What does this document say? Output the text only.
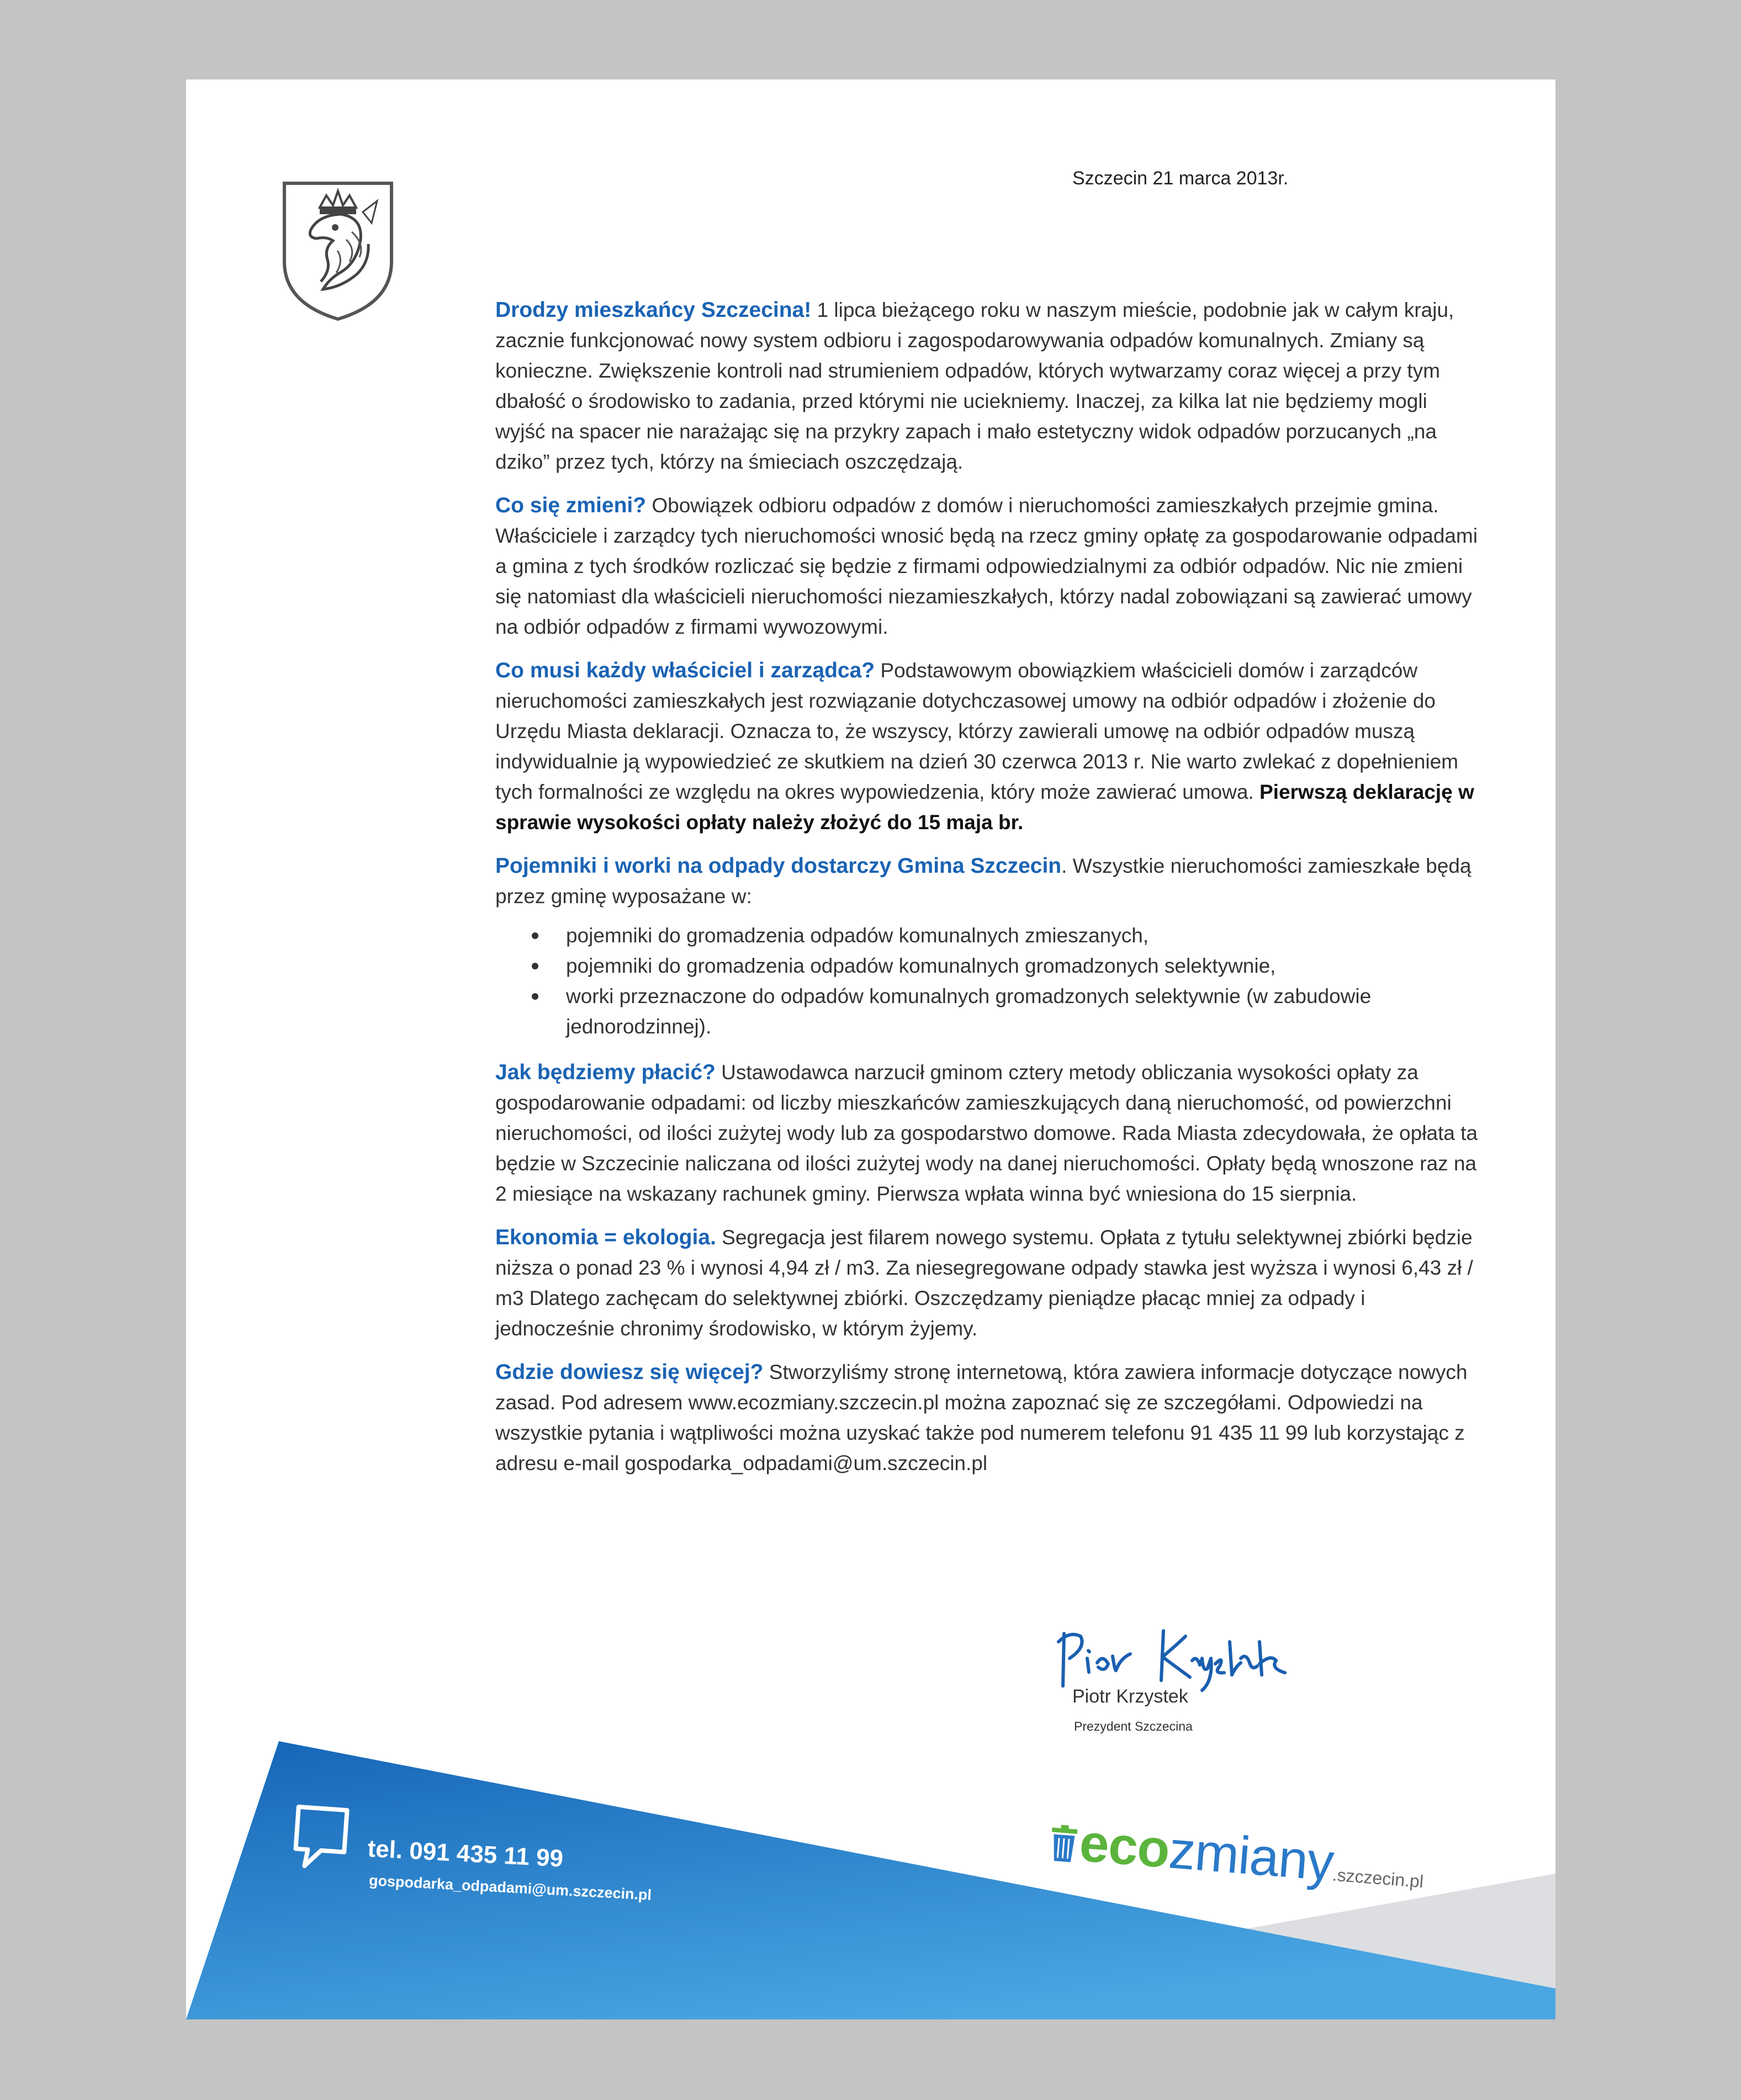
Szczecin 21 marca 2013r.

Drodzy mieszkańcy Szczecina! 1 lipca bieżącego roku w naszym mieście, podobnie jak w całym kraju, zacznie funkcjonować nowy system odbioru i zagospodarowywania odpadów komunalnych. Zmiany są konieczne. Zwiększenie kontroli nad strumieniem odpadów, których wytwarzamy coraz więcej a przy tym dbałość o środowisko to zadania, przed którymi nie uciekniemy. Inaczej, za kilka lat nie będziemy mogli wyjść na spacer nie narażając się na przykry zapach i mało estetyczny widok odpadów porzucanych „na dziko” przez tych, którzy na śmieciach oszczędzają.

Co się zmieni? Obowiązek odbioru odpadów z domów i nieruchomości zamieszkałych przejmie gmina. Właściciele i zarządcy tych nieruchomości wnosić będą na rzecz gminy opłatę za gospodarowanie odpadami a gmina z tych środków rozliczać się będzie z firmami odpowiedzialnymi za odbiór odpadów. Nic nie zmieni się natomiast dla właścicieli nieruchomości niezamieszkałych, którzy nadal zobowiązani są zawierać umowy na odbiór odpadów z firmami wywozowymi.

Co musi każdy właściciel i zarządca? Podstawowym obowiązkiem właścicieli domów i zarządców nieruchomości zamieszkałych jest rozwiązanie dotychczasowej umowy na odbiór odpadów i złożenie do Urzędu Miasta deklaracji. Oznacza to, że wszyscy, którzy zawierali umowę na odbiór odpadów muszą indywidualnie ją wypowiedzieć ze skutkiem na dzień 30 czerwca 2013 r. Nie warto zwlekać z dopełnieniem tych formalności ze względu na okres wypowiedzenia, który może zawierać umowa. Pierwszą deklarację w sprawie wysokości opłaty należy złożyć do 15 maja br.

Pojemniki i worki na odpady dostarczy Gmina Szczecin. Wszystkie nieruchomości zamieszkałe będą przez gminę wyposażane w:

pojemniki do gromadzenia odpadów komunalnych zmieszanych,
pojemniki do gromadzenia odpadów komunalnych gromadzonych selektywnie,
worki przeznaczone do odpadów komunalnych gromadzonych selektywnie (w zabudowie jednorodzinnej).

Jak będziemy płacić? Ustawodawca narzucił gminom cztery metody obliczania wysokości opłaty za gospodarowanie odpadami: od liczby mieszkańców zamieszkujących daną nieruchomość, od powierzchni nieruchomości, od ilości zużytej wody lub za gospodarstwo domowe. Rada Miasta zdecydowała, że opłata ta będzie w Szczecinie naliczana od ilości zużytej wody na danej nieruchomości. Opłaty będą wnoszone raz na 2 miesiące na wskazany rachunek gminy. Pierwsza wpłata winna być wniesiona do 15 sierpnia.

Ekonomia = ekologia. Segregacja jest filarem nowego systemu. Opłata z tytułu selektywnej zbiórki będzie niższa o ponad 23 % i wynosi 4,94 zł / m3. Za niesegregowane odpady stawka jest wyższa i wynosi 6,43 zł / m3 Dlatego zachęcam do selektywnej zbiórki. Oszczędzamy pieniądze płacąc mniej za odpady i jednocześnie chronimy środowisko, w którym żyjemy.

Gdzie dowiesz się więcej? Stworzyliśmy stronę internetową, która zawiera informacje dotyczące nowych zasad. Pod adresem www.ecozmiany.szczecin.pl można zapoznać się ze szczegółami. Odpowiedzi na wszystkie pytania i wątpliwości można uzyskać także pod numerem telefonu 91 435 11 99 lub korzystając z adresu e-mail gospodarka_odpadami@um.szczecin.pl

Piotr Krzystek
Prezydent Szczecina
tel. 091 435 11 99
gospodarka_odpadami@um.szczecin.pl
ecozmiany.szczecin.pl
